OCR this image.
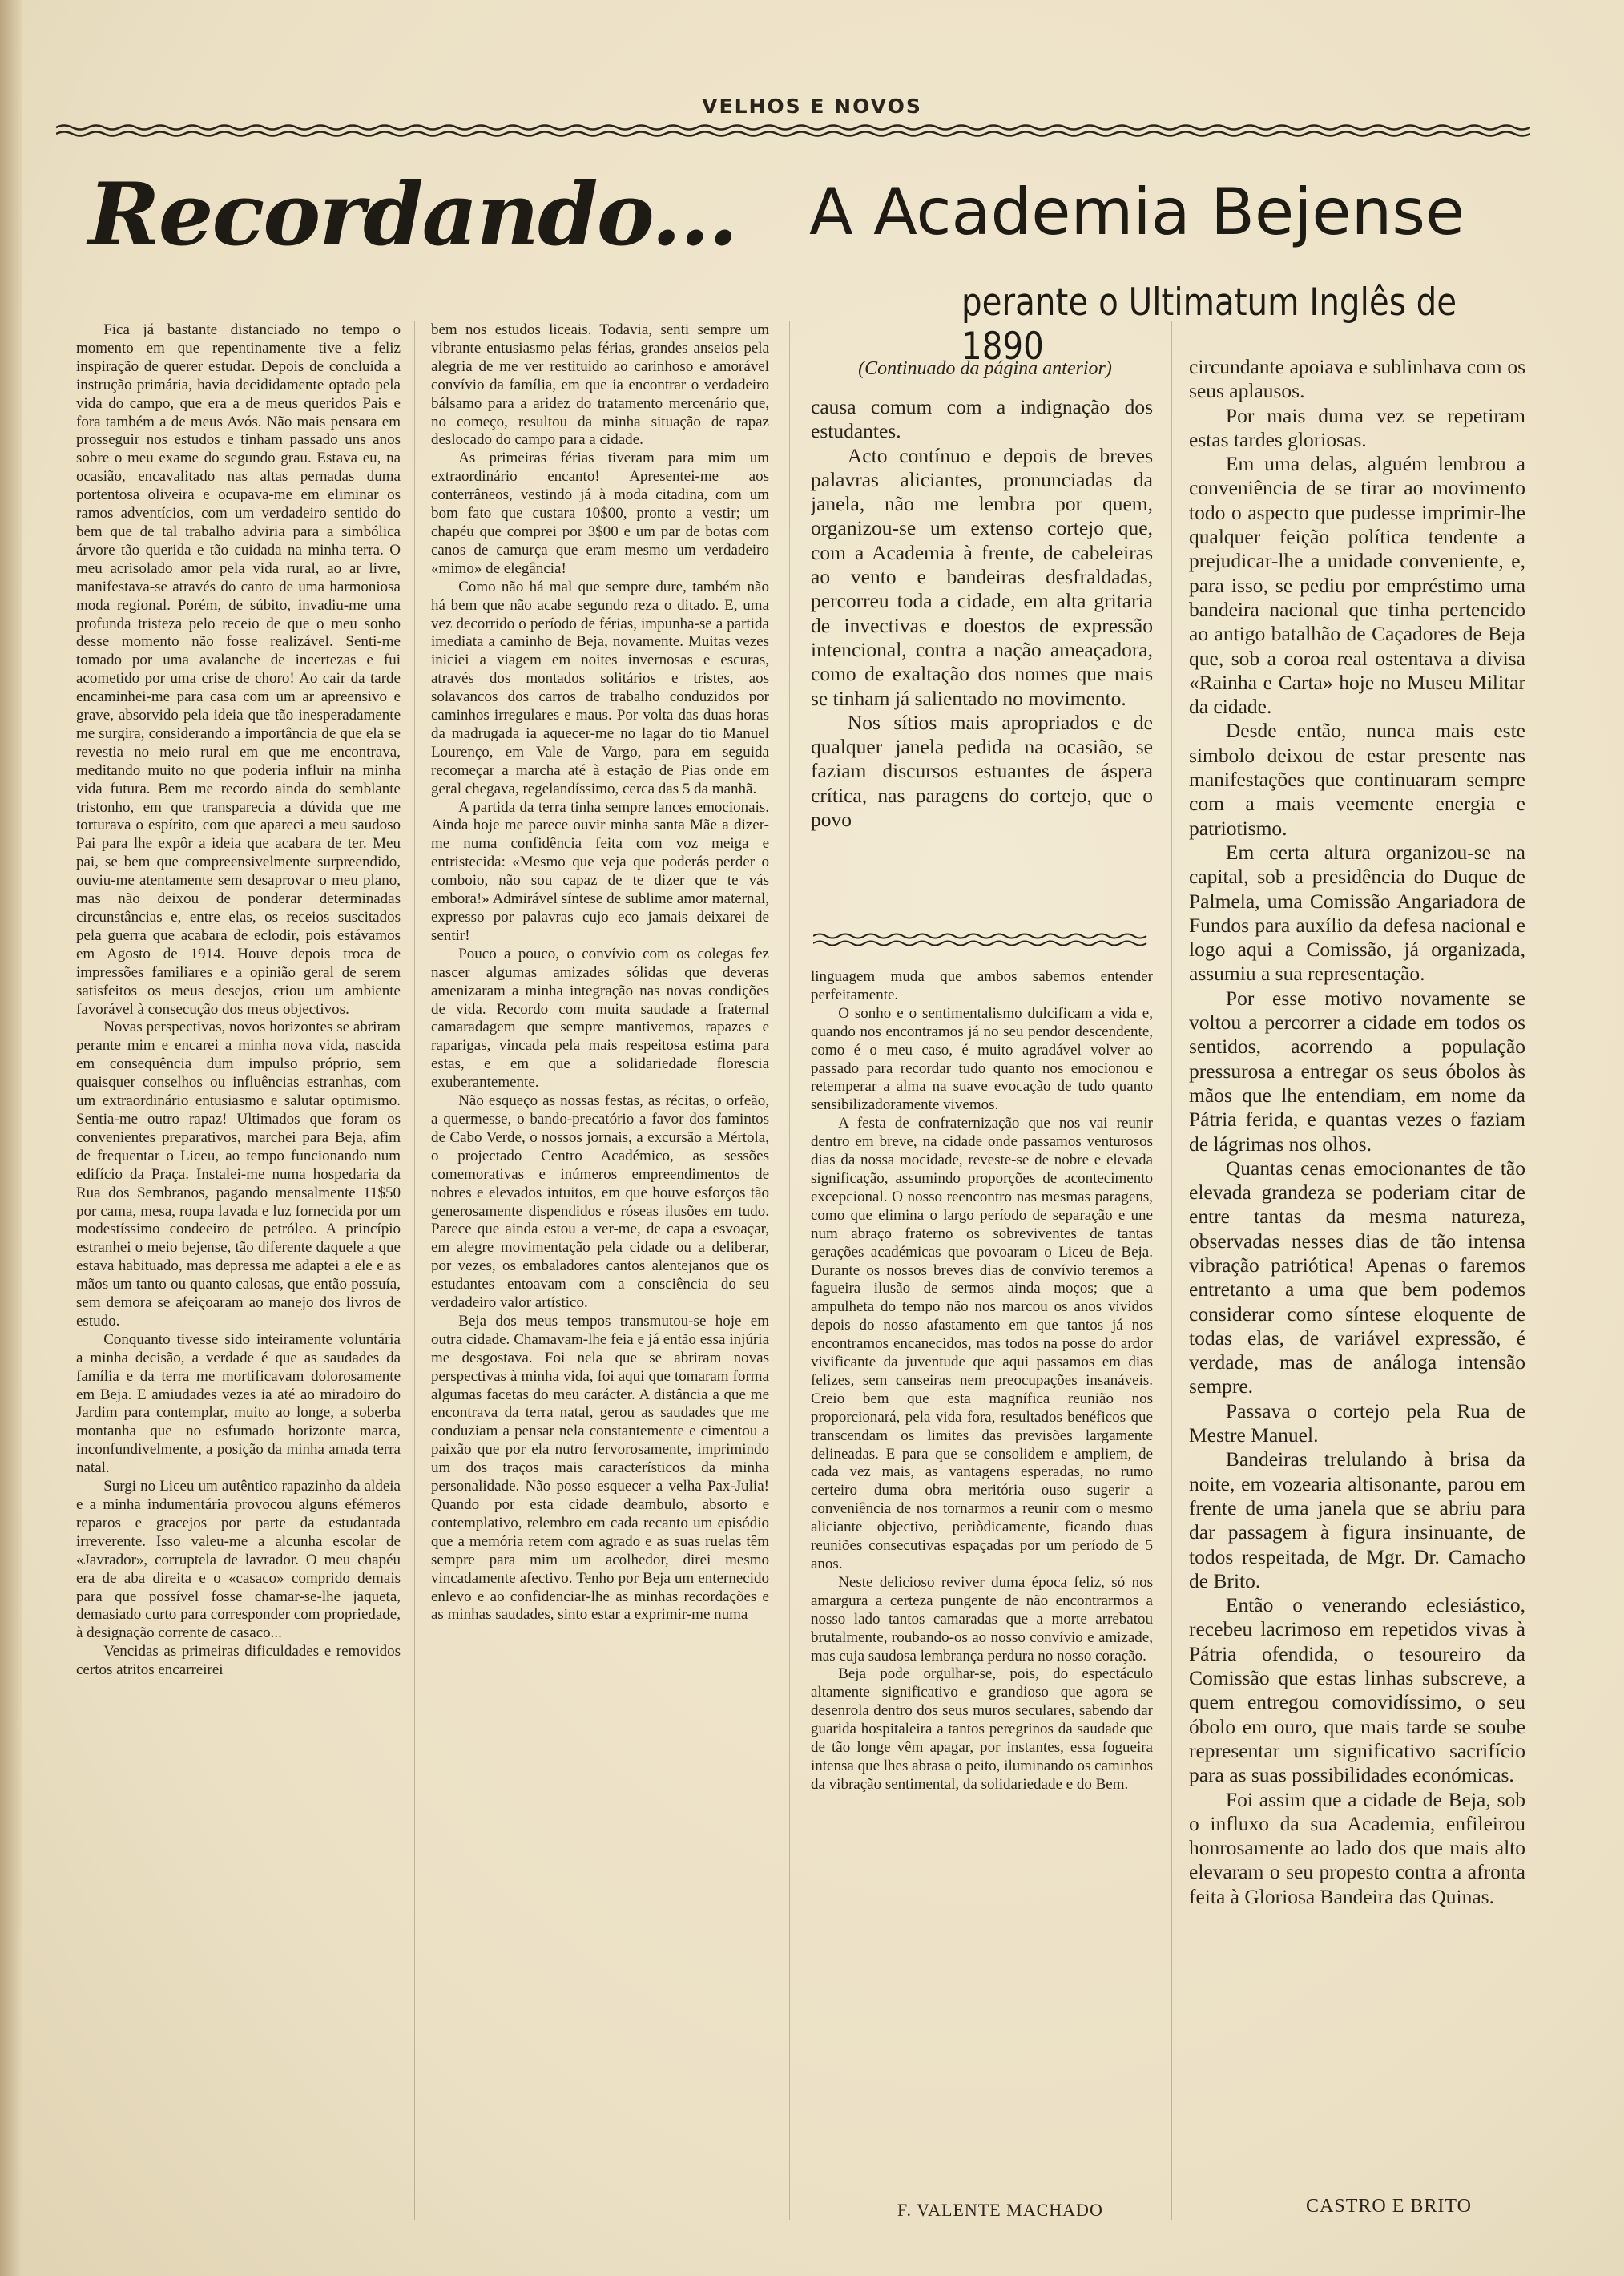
VELHOS E NOVOS
Recordando... A Academia Bejense
perante o Ultimatum Inglês de 1890

Fica já bastante distanciado no tempo o momento em que repentinamente tive a feliz inspiração de querer estudar. Depois de concluída a instrução primária, havia decididamente optado pela vida do campo, que era a de meus queridos Pais e fora também a de meus Avós. Não mais pensara em prosseguir nos estudos e tinham passado uns anos sobre o meu exame do segundo grau. Estava eu, na ocasião, encavalitado nas altas pernadas duma portentosa oliveira e ocupava-me em eliminar os ramos adventícios, com um verdadeiro sentido do bem que de tal trabalho adviria para a simbólica árvore tão querida e tão cuidada na minha terra. O meu acrisolado amor pela vida rural, ao ar livre, manifestava-se através do canto de uma harmoniosa moda regional. Porém, de súbito, invadiu-me uma profunda tristeza pelo receio de que o meu sonho desse momento não fosse realizável. Senti-me tomado por uma avalanche de incertezas e fui acometido por uma crise de choro! Ao cair da tarde encaminhei-me para casa com um ar apreensivo e grave, absorvido pela ideia que tão inesperadamente me surgira, considerando a importância de que ela se revestia no meio rural em que me encontrava, meditando muito no que poderia influir na minha vida futura. Bem me recordo ainda do semblante tristonho, em que transparecia a dúvida que me torturava o espírito, com que apareci a meu saudoso Pai para lhe expôr a ideia que acabara de ter. Meu pai, se bem que compreensivelmente surpreendido, ouviu-me atentamente sem desaprovar o meu plano, mas não deixou de ponderar determinadas circunstâncias e, entre elas, os receios suscitados pela guerra que acabara de eclodir, pois estávamos em Agosto de 1914. Houve depois troca de impressões familiares e a opinião geral de serem satisfeitos os meus desejos, criou um ambiente favorável à consecução dos meus objectivos.

Novas perspectivas, novos horizontes se abriram perante mim e encarei a minha nova vida, nascida em consequência dum impulso próprio, sem quaisquer conselhos ou influências estranhas, com um extraordinário entusiasmo e salutar optimismo. Sentia-me outro rapaz! Ultimados que foram os convenientes preparativos, marchei para Beja, afim de frequentar o Liceu, ao tempo funcionando num edifício da Praça. Instalei-me numa hospedaria da Rua dos Sembranos, pagando mensalmente 11$50 por cama, mesa, roupa lavada e luz fornecida por um modestíssimo condeeiro de petróleo. A princípio estranhei o meio bejense, tão diferente daquele a que estava habituado, mas depressa me adaptei a ele e as mãos um tanto ou quanto calosas, que então possuía, sem demora se afeiçoaram ao manejo dos livros de estudo.

Conquanto tivesse sido inteiramente voluntária a minha decisão, a verdade é que as saudades da família e da terra me mortificavam dolorosamente em Beja. E amiudades vezes ia até ao miradoiro do Jardim para contemplar, muito ao longe, a soberba montanha que no esfumado horizonte marca, inconfundivelmente, a posição da minha amada terra natal.

Surgi no Liceu um autêntico rapazinho da aldeia e a minha indumentária provocou alguns efémeros reparos e gracejos por parte da estudantada irreverente. Isso valeu-me a alcunha escolar de «Javrador», corruptela de lavrador. O meu chapéu era de aba direita e o «casaco» comprido demais para que possível fosse chamar-se-lhe jaqueta, demasiado curto para corresponder com propriedade, à designação corrente de casaco...

Vencidas as primeiras dificuldades e removidos certos atritos encarreirei

bem nos estudos liceais. Todavia, senti sempre um vibrante entusiasmo pelas férias, grandes anseios pela alegria de me ver restituido ao carinhoso e amorável convívio da família, em que ia encontrar o verdadeiro bálsamo para a aridez do tratamento mercenário que, no começo, resultou da minha situação de rapaz deslocado do campo para a cidade.

As primeiras férias tiveram para mim um extraordinário encanto! Apresentei-me aos conterrâneos, vestindo já à moda citadina, com um bom fato que custara 10$00, pronto a vestir; um chapéu que comprei por 3$00 e um par de botas com canos de camurça que eram mesmo um verdadeiro «mimo» de elegância!

Como não há mal que sempre dure, também não há bem que não acabe segundo reza o ditado. E, uma vez decorrido o período de férias, impunha-se a partida imediata a caminho de Beja, novamente. Muitas vezes iniciei a viagem em noites invernosas e escuras, através dos montados solitários e tristes, aos solavancos dos carros de trabalho conduzidos por caminhos irregulares e maus. Por volta das duas horas da madrugada ia aquecer-me no lagar do tio Manuel Lourenço, em Vale de Vargo, para em seguida recomeçar a marcha até à estação de Pias onde em geral chegava, regelandíssimo, cerca das 5 da manhã.

A partida da terra tinha sempre lances emocionais. Ainda hoje me parece ouvir minha santa Mãe a dizer-me numa confidência feita com voz meiga e entristecida: «Mesmo que veja que poderás perder o comboio, não sou capaz de te dizer que te vás embora!» Admirável síntese de sublime amor maternal, expresso por palavras cujo eco jamais deixarei de sentir!

Pouco a pouco, o convívio com os colegas fez nascer algumas amizades sólidas que deveras amenizaram a minha integração nas novas condições de vida. Recordo com muita saudade a fraternal camaradagem que sempre mantivemos, rapazes e raparigas, vincada pela mais respeitosa estima para estas, e em que a solidariedade florescia exuberantemente.

Não esqueço as nossas festas, as récitas, o orfeão, a quermesse, o bando-precatório a favor dos famintos de Cabo Verde, o nossos jornais, a excursão a Mértola, o projectado Centro Académico, as sessões comemorativas e inúmeros empreendimentos de nobres e elevados intuitos, em que houve esforços tão generosamente dispendidos e róseas ilusões em tudo. Parece que ainda estou a ver-me, de capa a esvoaçar, em alegre movimentação pela cidade ou a deliberar, por vezes, os embaladores cantos alentejanos que os estudantes entoavam com a consciência do seu verdadeiro valor artístico.

Beja dos meus tempos transmutou-se hoje em outra cidade. Chamavam-lhe feia e já então essa injúria me desgostava. Foi nela que se abriram novas perspectivas à minha vida, foi aqui que tomaram forma algumas facetas do meu carácter. A distância a que me encontrava da terra natal, gerou as saudades que me conduziam a pensar nela constantemente e cimentou a paixão que por ela nutro fervorosamente, imprimindo um dos traços mais característicos da minha personalidade. Não posso esquecer a velha Pax-Julia! Quando por esta cidade deambulo, absorto e contemplativo, relembro em cada recanto um episódio que a memória retem com agrado e as suas ruelas têm sempre para mim um acolhedor, direi mesmo vincadamente afectivo. Tenho por Beja um enternecido enlevo e ao confidenciar-lhe as minhas recordações e as minhas saudades, sinto estar a exprimir-me numa

(Continuado da página anterior)

causa comum com a indignação dos estudantes.

Acto contínuo e depois de breves palavras aliciantes, pronunciadas da janela, não me lembra por quem, organizou-se um extenso cortejo que, com a Academia à frente, de cabeleiras ao vento e bandeiras desfraldadas, percorreu toda a cidade, em alta gritaria de invectivas e doestos de expressão intencional, contra a nação ameaçadora, como de exaltação dos nomes que mais se tinham já salientado no movimento.

Nos sítios mais apropriados e de qualquer janela pedida na ocasião, se faziam discursos estuantes de áspera crítica, nas paragens do cortejo, que o povo

linguagem muda que ambos sabemos entender perfeitamente.

O sonho e o sentimentalismo dulcificam a vida e, quando nos encontramos já no seu pendor descendente, como é o meu caso, é muito agradável volver ao passado para recordar tudo quanto nos emocionou e retemperar a alma na suave evocação de tudo quanto sensibilizadoramente vivemos.

A festa de confraternização que nos vai reunir dentro em breve, na cidade onde passamos venturosos dias da nossa mocidade, reveste-se de nobre e elevada significação, assumindo proporções de acontecimento excepcional. O nosso reencontro nas mesmas paragens, como que elimina o largo período de separação e une num abraço fraterno os sobreviventes de tantas gerações académicas que povoaram o Liceu de Beja. Durante os nossos breves dias de convívio teremos a fagueira ilusão de sermos ainda moços; que a ampulheta do tempo não nos marcou os anos vividos depois do nosso afastamento em que tantos já nos encontramos encanecidos, mas todos na posse do ardor vivificante da juventude que aqui passamos em dias felizes, sem canseiras nem preocupações insanáveis. Creio bem que esta magnífica reunião nos proporcionará, pela vida fora, resultados benéficos que transcendam os limites das previsões largamente delineadas. E para que se consolidem e ampliem, de cada vez mais, as vantagens esperadas, no rumo certeiro duma obra meritória ouso sugerir a conveniência de nos tornarmos a reunir com o mesmo aliciante objectivo, periòdicamente, ficando duas reuniões consecutivas espaçadas por um período de 5 anos.

Neste delicioso reviver duma época feliz, só nos amargura a certeza pungente de não encontrarmos a nosso lado tantos camaradas que a morte arrebatou brutalmente, roubando-os ao nosso convívio e amizade, mas cuja saudosa lembrança perdura no nosso coração.

Beja pode orgulhar-se, pois, do espectáculo altamente significativo e grandioso que agora se desenrola dentro dos seus muros seculares, sabendo dar guarida hospitaleira a tantos peregrinos da saudade que de tão longe vêm apagar, por instantes, essa fogueira intensa que lhes abrasa o peito, iluminando os caminhos da vibração sentimental, da solidariedade e do Bem.

circundante apoiava e sublinhava com os seus aplausos.

Por mais duma vez se repetiram estas tardes gloriosas.

Em uma delas, alguém lembrou a conveniência de se tirar ao movimento todo o aspecto que pudesse imprimir-lhe qualquer feição política tendente a prejudicar-lhe a unidade conveniente, e, para isso, se pediu por empréstimo uma bandeira nacional que tinha pertencido ao antigo batalhão de Caçadores de Beja que, sob a coroa real ostentava a divisa «Rainha e Carta» hoje no Museu Militar da cidade.

Desde então, nunca mais este simbolo deixou de estar presente nas manifestações que continuaram sempre com a mais veemente energia e patriotismo.

Em certa altura organizou-se na capital, sob a presidência do Duque de Palmela, uma Comissão Angariadora de Fundos para auxílio da defesa nacional e logo aqui a Comissão, já organizada, assumiu a sua representação.

Por esse motivo novamente se voltou a percorrer a cidade em todos os sentidos, acorrendo a população pressurosa a entregar os seus óbolos às mãos que lhe entendiam, em nome da Pátria ferida, e quantas vezes o faziam de lágrimas nos olhos.

Quantas cenas emocionantes de tão elevada grandeza se poderiam citar de entre tantas da mesma natureza, observadas nesses dias de tão intensa vibração patriótica! Apenas o faremos entretanto a uma que bem podemos considerar como síntese eloquente de todas elas, de variável expressão, é verdade, mas de análoga intensão sempre.

Passava o cortejo pela Rua de Mestre Manuel.

Bandeiras trelulando à brisa da noite, em vozearia altisonante, parou em frente de uma janela que se abriu para dar passagem à figura insinuante, de todos respeitada, de Mgr. Dr. Camacho de Brito.

Então o venerando eclesiástico, recebeu lacrimoso em repetidos vivas à Pátria ofendida, o tesoureiro da Comissão que estas linhas subscreve, a quem entregou comovidíssimo, o seu óbolo em ouro, que mais tarde se soube representar um significativo sacrifício para as suas possibilidades económicas.

Foi assim que a cidade de Beja, sob o influxo da sua Academia, enfileirou honrosamente ao lado dos que mais alto elevaram o seu propesto contra a afronta feita à Gloriosa Bandeira das Quinas.

F. VALENTE MACHADO	CASTRO E BRITO
